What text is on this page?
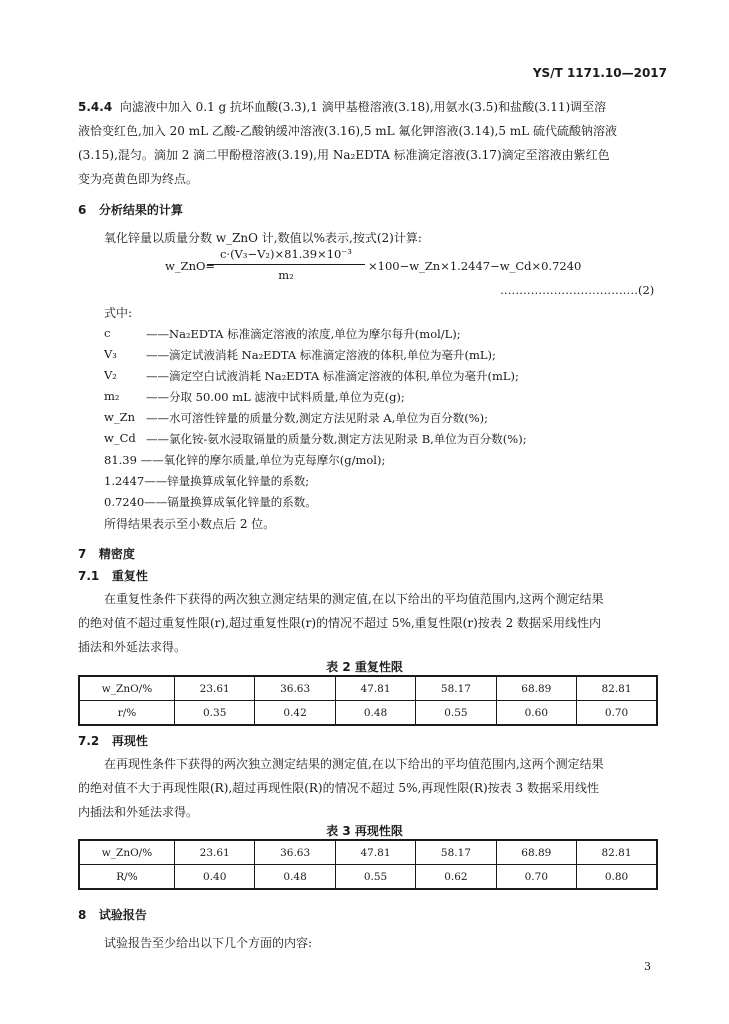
YS/T 1171.10—2017
5.4.4 向滤液中加入 0.1 g 抗坏血酸(3.3),1 滴甲基橙溶液(3.18),用氨水(3.5)和盐酸(3.11)调至溶
液恰变红色,加入 20 mL 乙酸-乙酸钠缓冲溶液(3.16),5 mL 氟化钾溶液(3.14),5 mL 硫代硫酸钠溶液
(3.15),混匀。滴加 2 滴二甲酚橙溶液(3.19),用 Na₂EDTA 标准滴定溶液(3.17)滴定至溶液由紫红色
变为亮黄色即为终点。
6 分析结果的计算
氧化锌量以质量分数 w_ZnO 计,数值以%表示,按式(2)计算:
w_ZnO=
c·(V₃−V₂)×81.39×10⁻³
m₂
×100−w_Zn×1.2447−w_Cd×0.7240
………………………………(2)
式中:
c	——Na₂EDTA 标准滴定溶液的浓度,单位为摩尔每升(mol/L);
V₃	——滴定试液消耗 Na₂EDTA 标准滴定溶液的体积,单位为毫升(mL);
V₂	——滴定空白试液消耗 Na₂EDTA 标准滴定溶液的体积,单位为毫升(mL);
m₂ ——分取 50.00 mL 滤液中试料质量,单位为克(g);
w_Zn ——水可溶性锌量的质量分数,测定方法见附录 A,单位为百分数(%);
w_Cd ——氯化铵-氨水浸取镉量的质量分数,测定方法见附录 B,单位为百分数(%);
81.39 ——氧化锌的摩尔质量,单位为克每摩尔(g/mol);
1.2447——锌量换算成氧化锌量的系数;
0.7240——镉量换算成氧化锌量的系数。
所得结果表示至小数点后 2 位。
7 精密度
7.1 重复性
在重复性条件下获得的两次独立测定结果的测定值,在以下给出的平均值范围内,这两个测定结果
的绝对值不超过重复性限(r),超过重复性限(r)的情况不超过 5%,重复性限(r)按表 2 数据采用线性内
插法和外延法求得。
表 2 重复性限
w_ZnO/%	23.61	36.63	47.81	58.17	68.89	82.81
r/%	0.35	0.42	0.48	0.55	0.60	0.70
7.2 再现性
在再现性条件下获得的两次独立测定结果的测定值,在以下给出的平均值范围内,这两个测定结果
的绝对值不大于再现性限(R),超过再现性限(R)的情况不超过 5%,再现性限(R)按表 3 数据采用线性
内插法和外延法求得。
表 3 再现性限
w_ZnO/%	23.61	36.63	47.81	58.17	68.89	82.81
R/%	0.40	0.48	0.55	0.62	0.70	0.80
8 试验报告
试验报告至少给出以下几个方面的内容:
3
